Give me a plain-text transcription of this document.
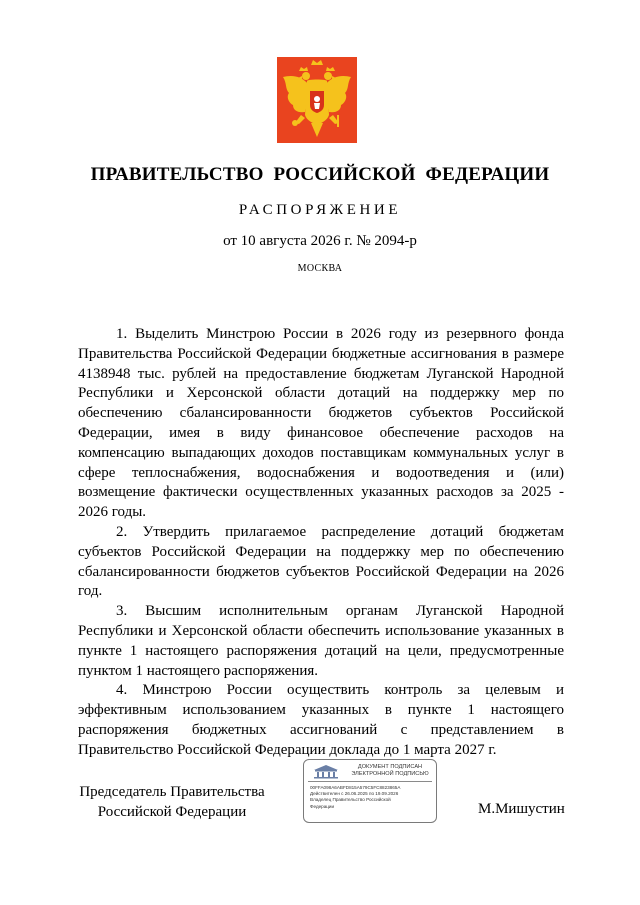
ПРАВИТЕЛЬСТВО РОССИЙСКОЙ ФЕДЕРАЦИИ
РАСПОРЯЖЕНИЕ
от 10 августа 2026 г. № 2094-р
МОСКВА

1. Выделить Минстрою России в 2026 году из резервного фонда Правительства Российской Федерации бюджетные ассигнования в размере 4138948 тыс. рублей на предоставление бюджетам Луганской Народной Республики и Херсонской области дотаций на поддержку мер по обеспечению сбалансированности бюджетов субъектов Российской Федерации, имея в виду финансовое обеспечение расходов на компенсацию выпадающих доходов поставщикам коммунальных услуг в сфере теплоснабжения, водоснабжения и водоотведения и (или) возмещение фактически осуществленных указанных расходов за 2025 - 2026 годы.

2. Утвердить прилагаемое распределение дотаций бюджетам субъектов Российской Федерации на поддержку мер по обеспечению сбалансированности бюджетов субъектов Российской Федерации на 2026 год.

3. Высшим исполнительным органам Луганской Народной Республики и Херсонской области обеспечить использование указанных в пункте 1 настоящего распоряжения дотаций на цели, предусмотренные пунктом 1 настоящего распоряжения.

4. Минстрою России осуществить контроль за целевым и эффективным использованием указанных в пункте 1 настоящего распоряжения бюджетных ассигнований с представлением в Правительство Российской Федерации доклада до 1 марта 2027 г.

Председатель Правительства
Российской Федерации
ДОКУМЕНТ ПОДПИСАН
ЭЛЕКТРОННОЙ ПОДПИСЬЮ
00FFA098A6ABFD815A579C5FC8823865A
Действителен с 26.06.2025 по 19.09.2026
Владелец Правительство Российской
Федерации	М.Мишустин
